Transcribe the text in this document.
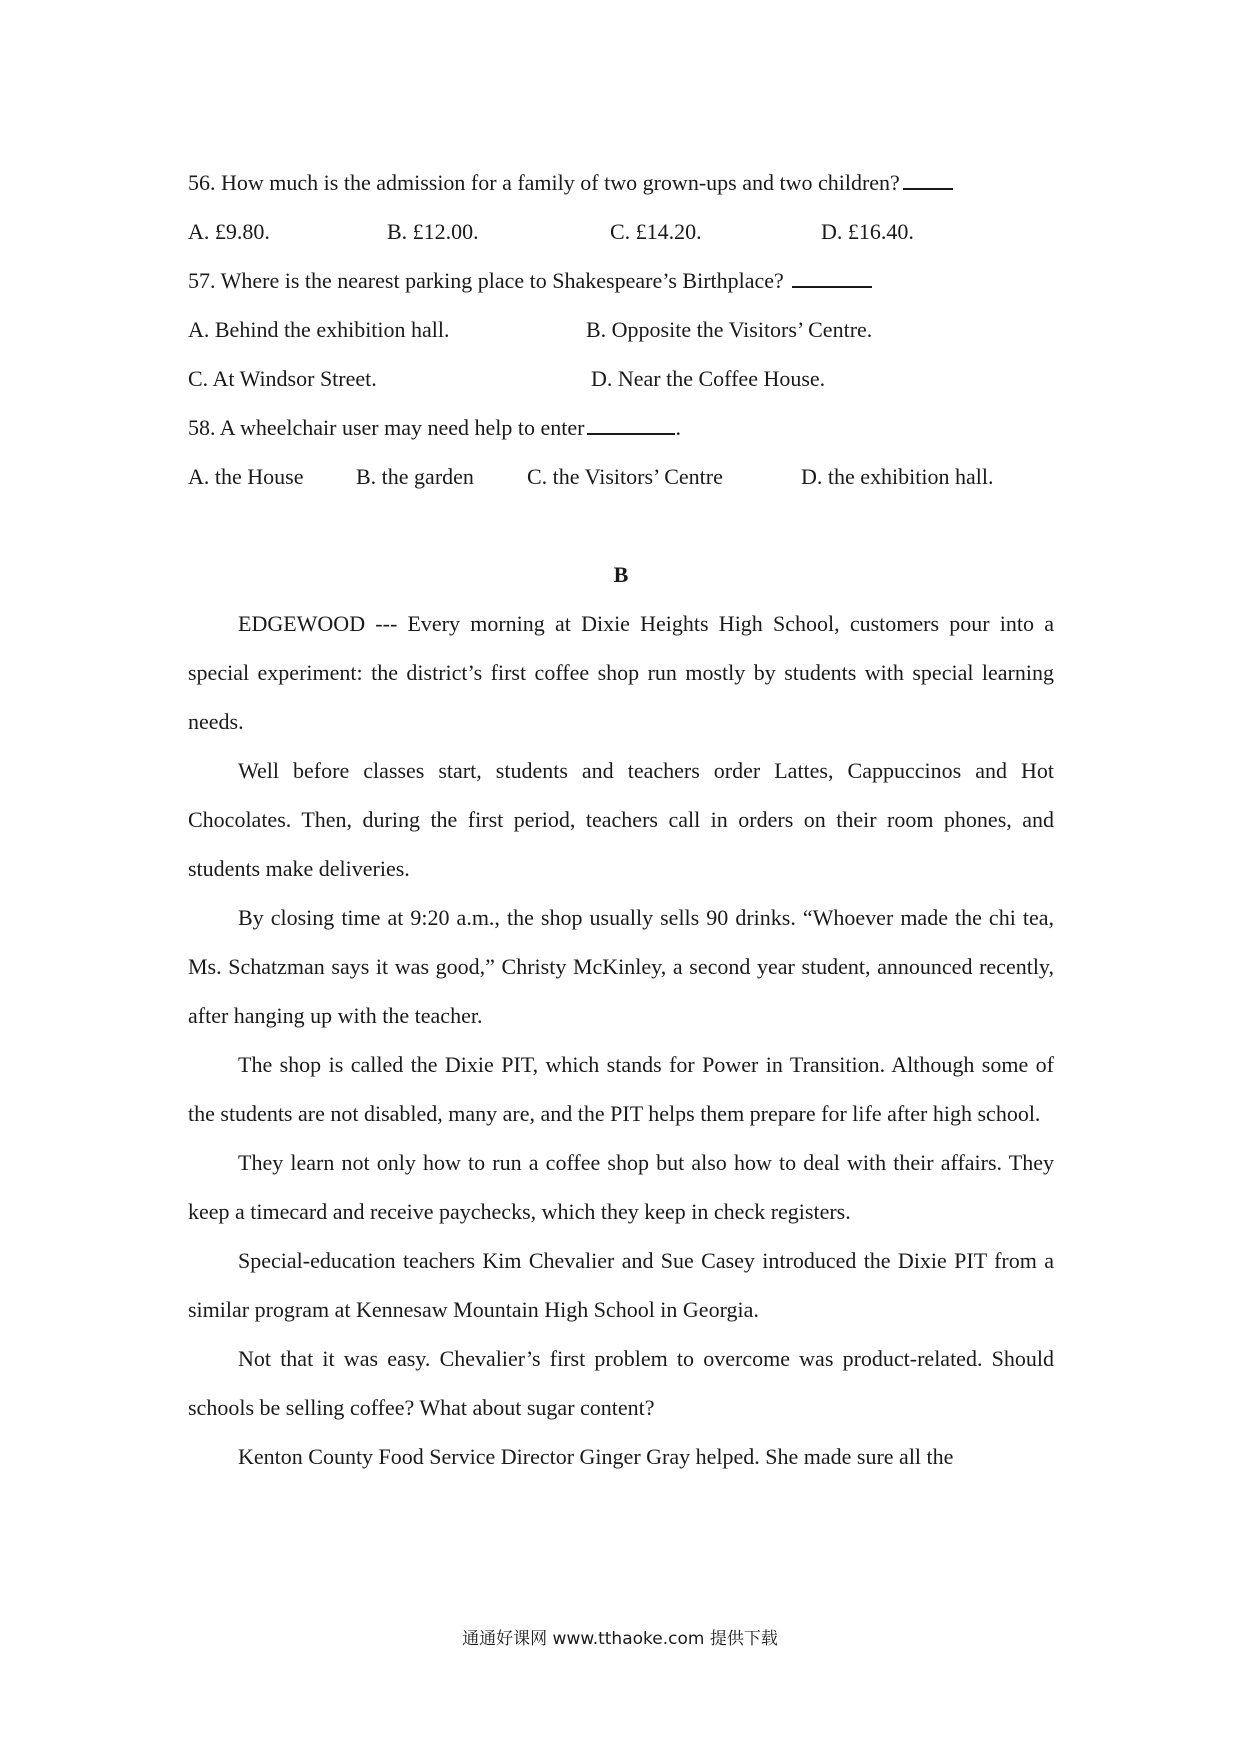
56. How much is the admission for a family of two grown-ups and two children?
A. £9.80.	B. £12.00.	C. £14.20.	D. £16.40.
57. Where is the nearest parking place to Shakespeare’s Birthplace?
A. Behind the exhibition hall.	B. Opposite the Visitors’ Centre.
C. At Windsor Street.	D. Near the Coffee House.
58. A wheelchair user may need help to enter	.
A. the House B. the garden C. the Visitors’ Centre	D. the exhibition hall.
B

EDGEWOOD --- Every morning at Dixie Heights High School, customers pour into a special experiment: the district’s first coffee shop run mostly by students with special learning needs.

Well before classes start, students and teachers order Lattes, Cappuccinos and Hot Chocolates. Then, during the first period, teachers call in orders on their room phones, and students make deliveries.

By closing time at 9:20 a.m., the shop usually sells 90 drinks. “Whoever made the chi tea, Ms. Schatzman says it was good,” Christy McKinley, a second year student, announced recently, after hanging up with the teacher.

The shop is called the Dixie PIT, which stands for Power in Transition. Although some of the students are not disabled, many are, and the PIT helps them prepare for life after high school.

They learn not only how to run a coffee shop but also how to deal with their affairs. They keep a timecard and receive paychecks, which they keep in check registers.

Special-education teachers Kim Chevalier and Sue Casey introduced the Dixie PIT from a similar program at Kennesaw Mountain High School in Georgia.

Not that it was easy. Chevalier’s first problem to overcome was product-related. Should schools be selling coffee? What about sugar content?

Kenton County Food Service Director Ginger Gray helped. She made sure all the

通通好课网 www.tthaoke.com 提供下载
